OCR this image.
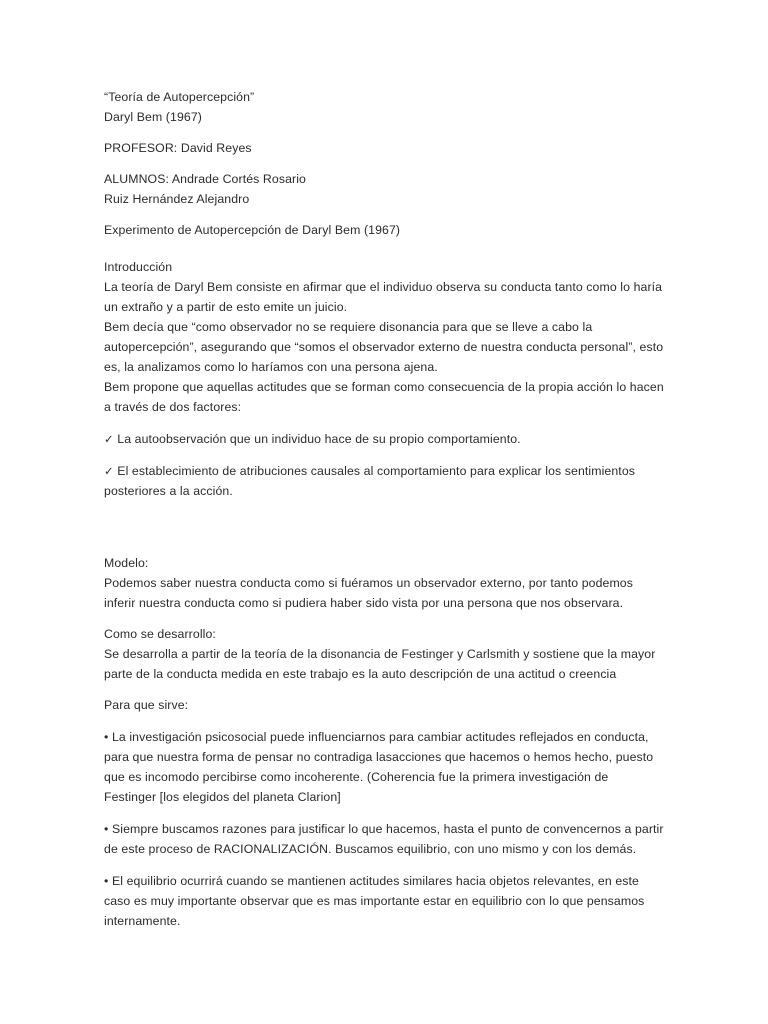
“Teoría de Autopercepción”
Daryl Bem (1967)
PROFESOR: David Reyes
ALUMNOS: Andrade Cortés Rosario
Ruiz Hernández Alejandro
Experimento de Autopercepción de Daryl Bem (1967)
Introducción

La teoría de Daryl Bem consiste en afirmar que el individuo observa su conducta tanto como lo haría un extraño y a partir de esto emite un juicio.

Bem decía que “como observador no se requiere disonancia para que se lleve a cabo la autopercepción”, asegurando que “somos el observador externo de nuestra conducta personal”, esto es, la analizamos como lo haríamos con una persona ajena.

Bem propone que aquellas actitudes que se forman como consecuencia de la propia acción lo hacen a través de dos factores:

✓ La autoobservación que un individuo hace de su propio comportamiento.

✓ El establecimiento de atribuciones causales al comportamiento para explicar los sentimientos posteriores a la acción.

Modelo:

Podemos saber nuestra conducta como si fuéramos un observador externo, por tanto podemos inferir nuestra conducta como si pudiera haber sido vista por una persona que nos observara.

Como se desarrollo:

Se desarrolla a partir de la teoría de la disonancia de Festinger y Carlsmith y sostiene que la mayor parte de la conducta medida en este trabajo es la auto descripción de una actitud o creencia

Para que sirve:

• La investigación psicosocial puede influenciarnos para cambiar actitudes reflejados en conducta, para que nuestra forma de pensar no contradiga lasacciones que hacemos o hemos hecho, puesto que es incomodo percibirse como incoherente. (Coherencia fue la primera investigación de Festinger [los elegidos del planeta Clarion]

• Siempre buscamos razones para justificar lo que hacemos, hasta el punto de convencernos a partir de este proceso de RACIONALIZACIÓN. Buscamos equilibrio, con uno mismo y con los demás.

• El equilibrio ocurrirá cuando se mantienen actitudes similares hacia objetos relevantes, en este caso es muy importante observar que es mas importante estar en equilibrio con lo que pensamos internamente.
